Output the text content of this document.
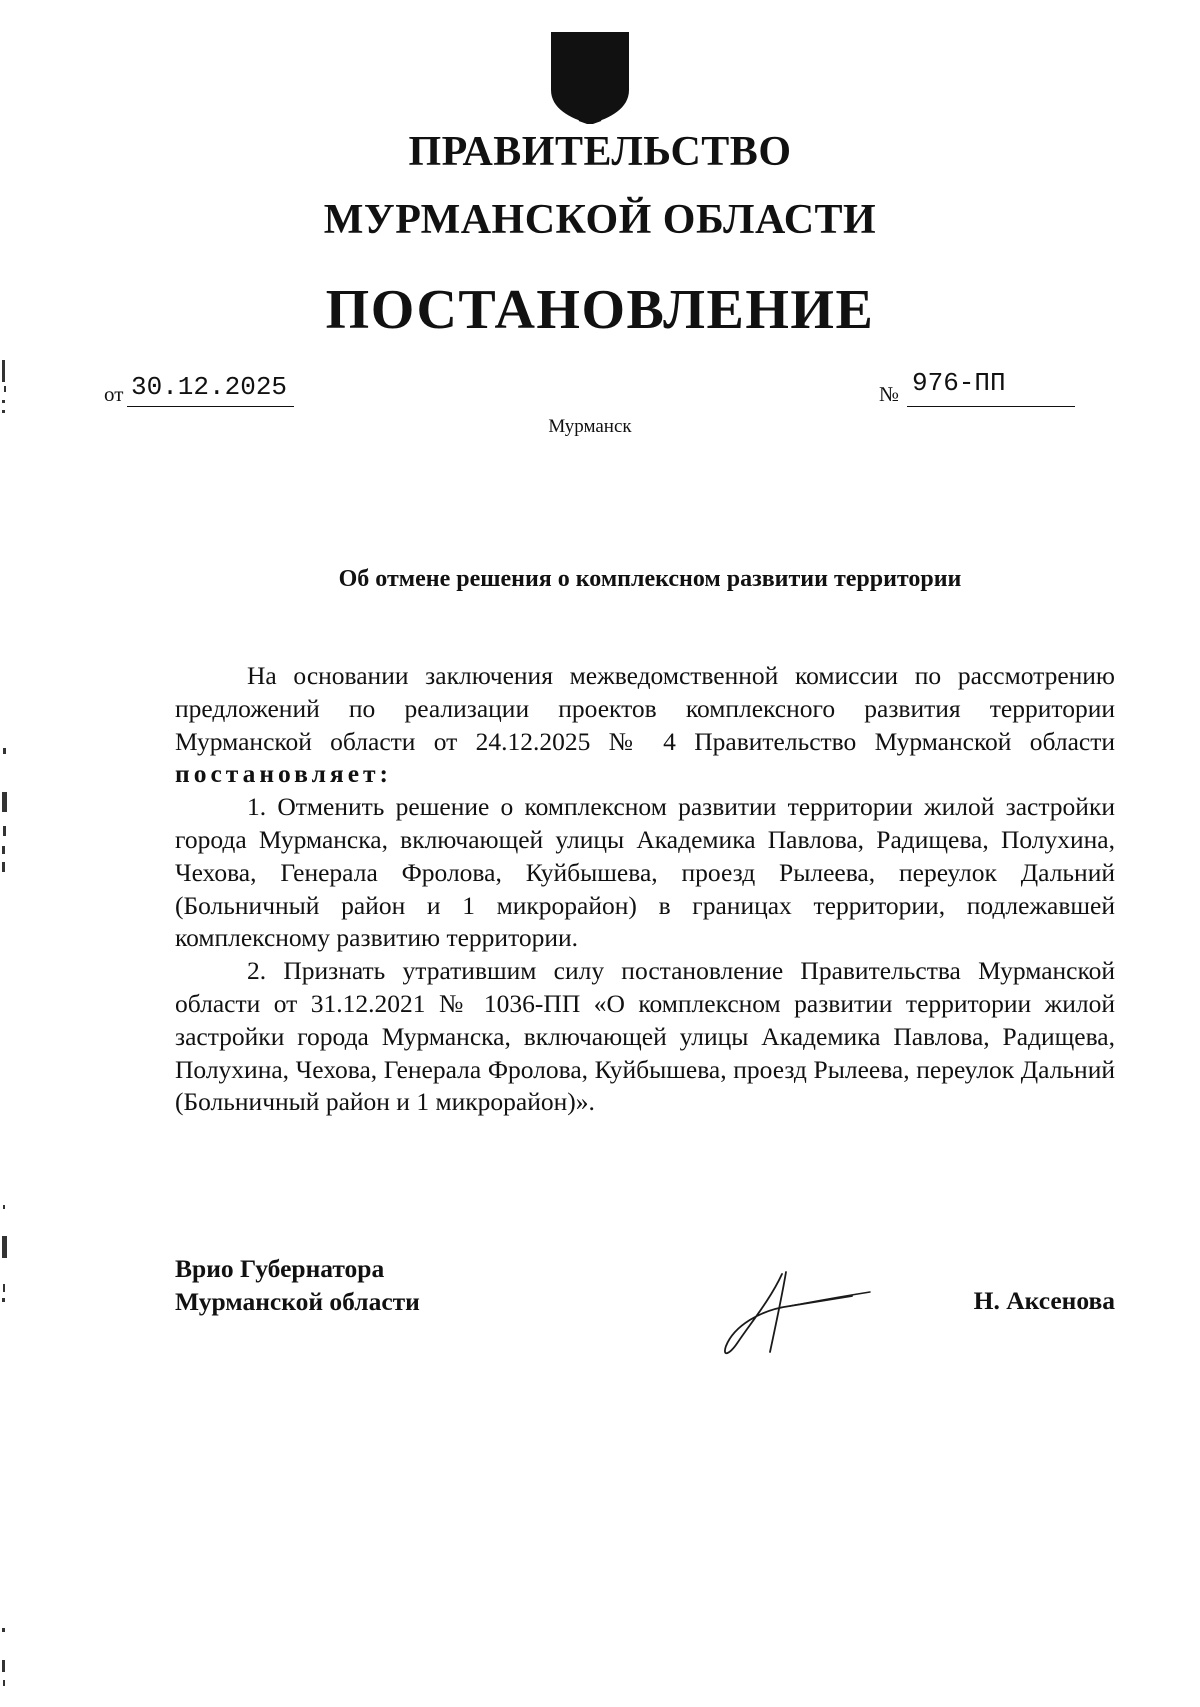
ПРАВИТЕЛЬСТВО
МУРМАНСКОЙ ОБЛАСТИ
ПОСТАНОВЛЕНИЕ
от 30.12.2025	№ 976-ПП
Мурманск
Об отмене решения о комплексном развитии территории

На основании заключения межведомственной комиссии по рассмотрению предложений по реализации проектов комплексного развития территории Мурманской области от 24.12.2025 № 4 Правительство Мурманской области постановляет:

1. Отменить решение о комплексном развитии территории жилой застройки города Мурманска, включающей улицы Академика Павлова, Радищева, Полухина, Чехова, Генерала Фролова, Куйбышева, проезд Рылеева, переулок Дальний (Больничный район и 1 микрорайон) в границах территории, подлежавшей комплексному развитию территории.

2. Признать утратившим силу постановление Правительства Мурманской области от 31.12.2021 № 1036-ПП «О комплексном развитии территории жилой застройки города Мурманска, включающей улицы Академика Павлова, Радищева, Полухина, Чехова, Генерала Фролова, Куйбышева, проезд Рылеева, переулок Дальний (Больничный район и 1 микрорайон)».

Врио Губернатора
Мурманской области	Н. Аксенова
